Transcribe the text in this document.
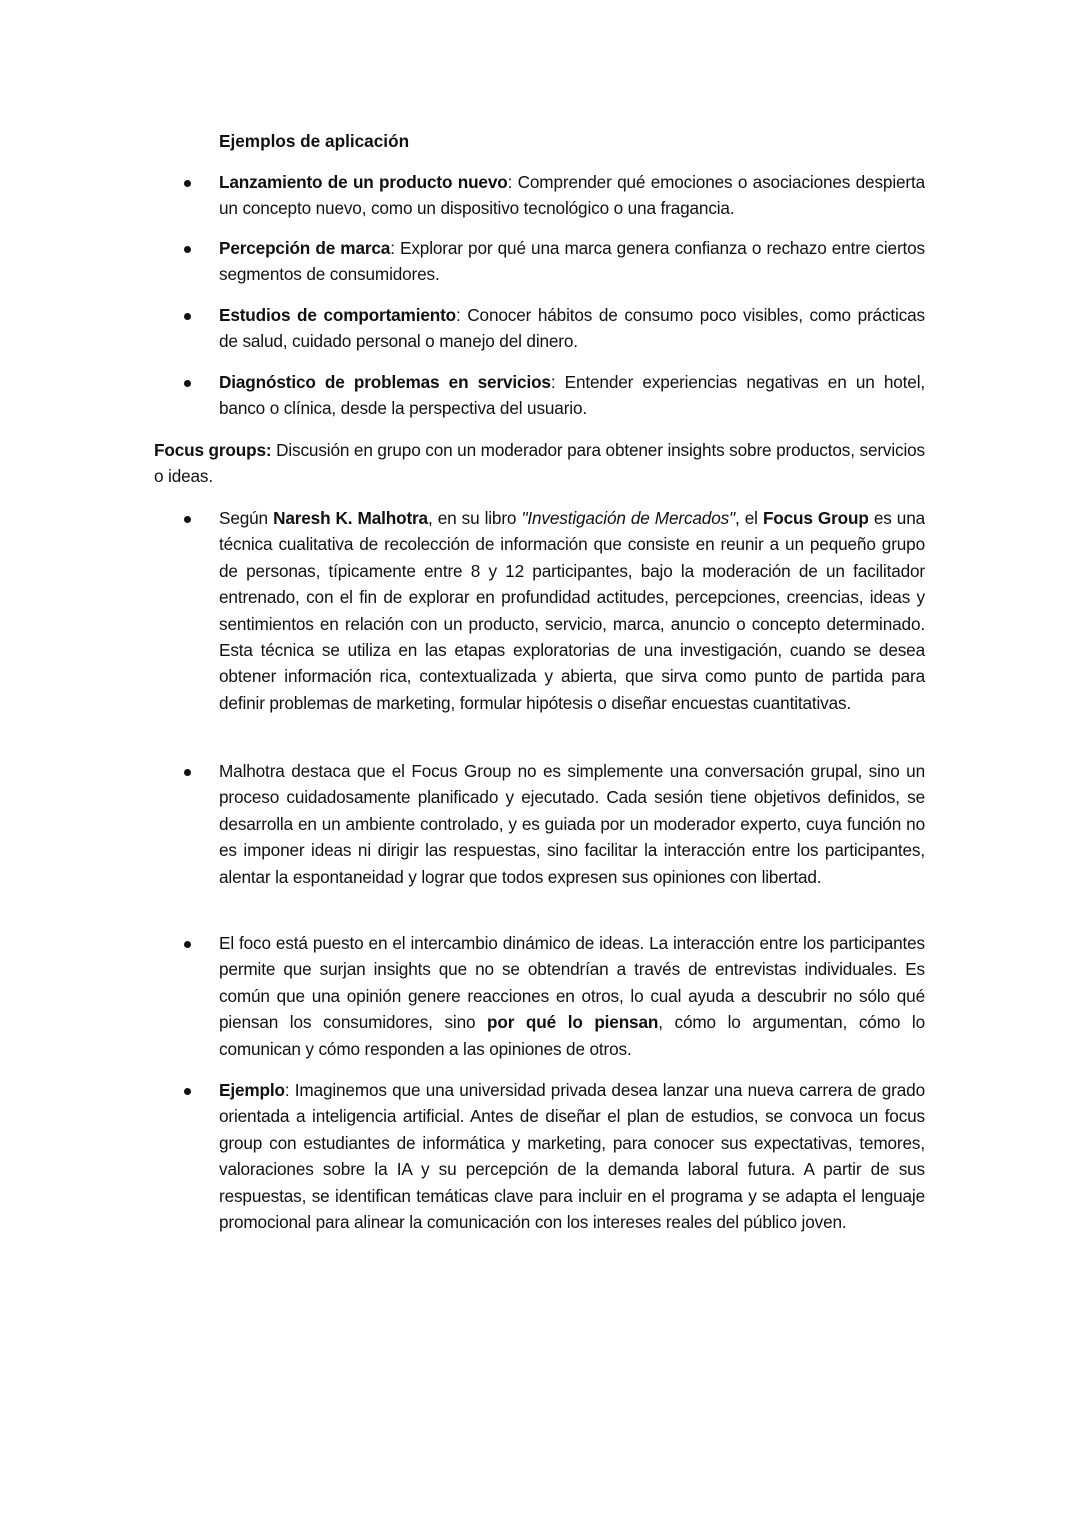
Ejemplos de aplicación
Lanzamiento de un producto nuevo: Comprender qué emociones o asociaciones despierta un concepto nuevo, como un dispositivo tecnológico o una fragancia.
Percepción de marca: Explorar por qué una marca genera confianza o rechazo entre ciertos segmentos de consumidores.
Estudios de comportamiento: Conocer hábitos de consumo poco visibles, como prácticas de salud, cuidado personal o manejo del dinero.
Diagnóstico de problemas en servicios: Entender experiencias negativas en un hotel, banco o clínica, desde la perspectiva del usuario.
Focus groups: Discusión en grupo con un moderador para obtener insights sobre productos, servicios o ideas.
Según Naresh K. Malhotra, en su libro "Investigación de Mercados", el Focus Group es una técnica cualitativa de recolección de información que consiste en reunir a un pequeño grupo de personas, típicamente entre 8 y 12 participantes, bajo la moderación de un facilitador entrenado, con el fin de explorar en profundidad actitudes, percepciones, creencias, ideas y sentimientos en relación con un producto, servicio, marca, anuncio o concepto determinado. Esta técnica se utiliza en las etapas exploratorias de una investigación, cuando se desea obtener información rica, contextualizada y abierta, que sirva como punto de partida para definir problemas de marketing, formular hipótesis o diseñar encuestas cuantitativas.
Malhotra destaca que el Focus Group no es simplemente una conversación grupal, sino un proceso cuidadosamente planificado y ejecutado. Cada sesión tiene objetivos definidos, se desarrolla en un ambiente controlado, y es guiada por un moderador experto, cuya función no es imponer ideas ni dirigir las respuestas, sino facilitar la interacción entre los participantes, alentar la espontaneidad y lograr que todos expresen sus opiniones con libertad.
El foco está puesto en el intercambio dinámico de ideas. La interacción entre los participantes permite que surjan insights que no se obtendrían a través de entrevistas individuales. Es común que una opinión genere reacciones en otros, lo cual ayuda a descubrir no sólo qué piensan los consumidores, sino por qué lo piensan, cómo lo argumentan, cómo lo comunican y cómo responden a las opiniones de otros.
Ejemplo: Imaginemos que una universidad privada desea lanzar una nueva carrera de grado orientada a inteligencia artificial. Antes de diseñar el plan de estudios, se convoca un focus group con estudiantes de informática y marketing, para conocer sus expectativas, temores, valoraciones sobre la IA y su percepción de la demanda laboral futura. A partir de sus respuestas, se identifican temáticas clave para incluir en el programa y se adapta el lenguaje promocional para alinear la comunicación con los intereses reales del público joven.
